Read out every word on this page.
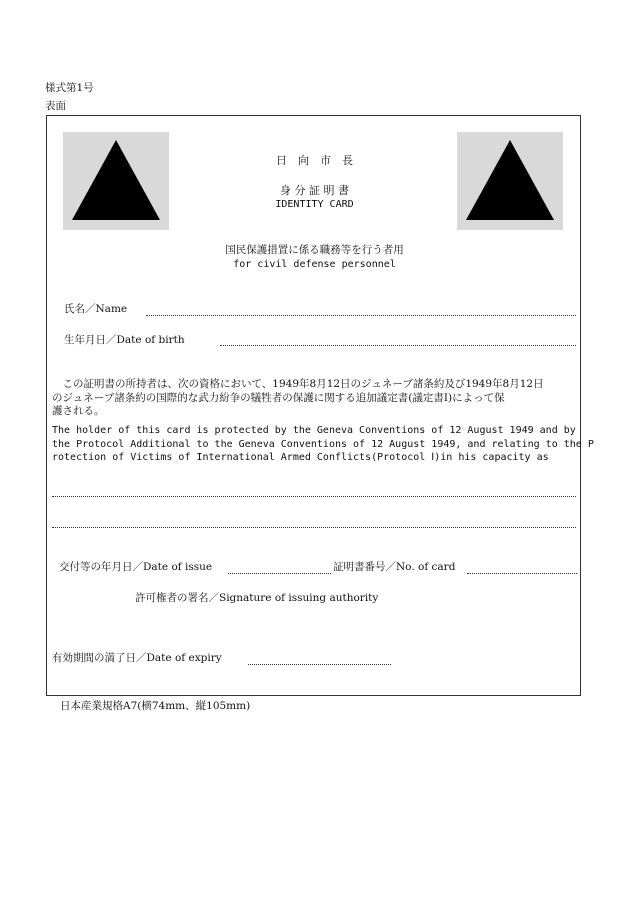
様式第1号
表面
日　向　市　長
身 分 証 明 書
IDENTITY CARD
国民保護措置に係る職務等を行う者用
for civil defense personnel
氏名／Name
生年月日／Date of birth
　この証明書の所持者は、次の資格において、1949年8月12日のジュネーブ諸条約及び1949年8月12日
のジュネーブ諸条約の国際的な武力紛争の犠牲者の保護に関する追加議定書(議定書Ⅰ)によって保
護される。
The holder of this card is protected by the Geneva Conventions of 12 August 1949 and by
the Protocol Additional to the Geneva Conventions of 12 August 1949, and relating to the P
rotection of Victims of International Armed Conflicts(Protocol Ⅰ)in his capacity as
交付等の年月日／Date of issue	証明書番号／No. of card
許可権者の署名／Signature of issuing authority
有効期間の満了日／Date of expiry
日本産業規格A7(横74mm、縦105mm)
